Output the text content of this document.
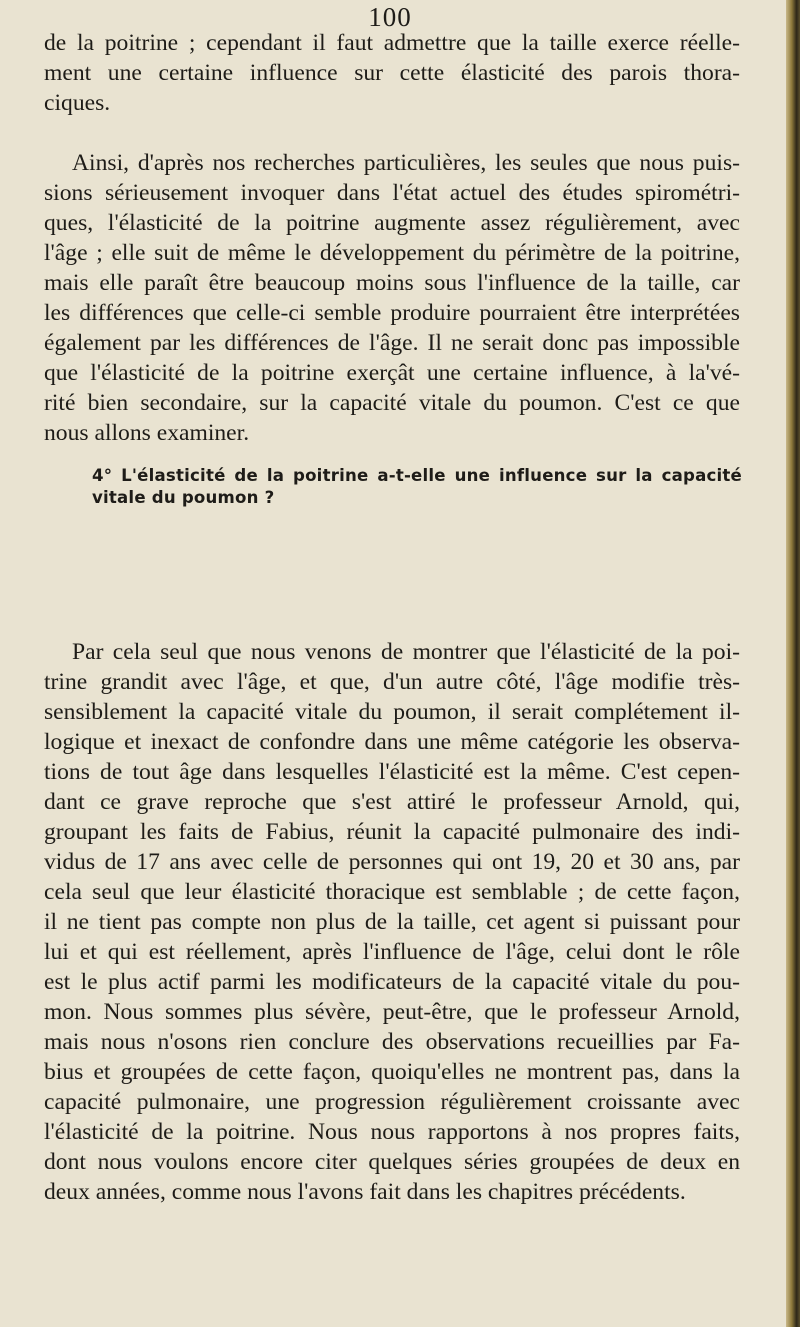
100
de la poitrine ; cependant il faut admettre que la taille exerce réelle-
ment une certaine influence sur cette élasticité des parois thora-
ciques.
Ainsi, d'après nos recherches particulières, les seules que nous puis-
sions sérieusement invoquer dans l'état actuel des études spirométri-
ques, l'élasticité de la poitrine augmente assez régulièrement, avec
l'âge ; elle suit de même le développement du périmètre de la poitrine,
mais elle paraît être beaucoup moins sous l'influence de la taille, car
les différences que celle-ci semble produire pourraient être interprétées
également par les différences de l'âge. Il ne serait donc pas impossible
que l'élasticité de la poitrine exerçât une certaine influence, à la'vé-
rité bien secondaire, sur la capacité vitale du poumon. C'est ce que
nous allons examiner.
4° L'élasticité de la poitrine a-t-elle une influence sur la capacité
vitale du poumon ?
Par cela seul que nous venons de montrer que l'élasticité de la poi-
trine grandit avec l'âge, et que, d'un autre côté, l'âge modifie très-
sensiblement la capacité vitale du poumon, il serait complétement il-
logique et inexact de confondre dans une même catégorie les observa-
tions de tout âge dans lesquelles l'élasticité est la même. C'est cepen-
dant ce grave reproche que s'est attiré le professeur Arnold, qui,
groupant les faits de Fabius, réunit la capacité pulmonaire des indi-
vidus de 17 ans avec celle de personnes qui ont 19, 20 et 30 ans, par
cela seul que leur élasticité thoracique est semblable ; de cette façon,
il ne tient pas compte non plus de la taille, cet agent si puissant pour
lui et qui est réellement, après l'influence de l'âge, celui dont le rôle
est le plus actif parmi les modificateurs de la capacité vitale du pou-
mon. Nous sommes plus sévère, peut-être, que le professeur Arnold,
mais nous n'osons rien conclure des observations recueillies par Fa-
bius et groupées de cette façon, quoiqu'elles ne montrent pas, dans la
capacité pulmonaire, une progression régulièrement croissante avec
l'élasticité de la poitrine. Nous nous rapportons à nos propres faits,
dont nous voulons encore citer quelques séries groupées de deux en
deux années, comme nous l'avons fait dans les chapitres précédents.
